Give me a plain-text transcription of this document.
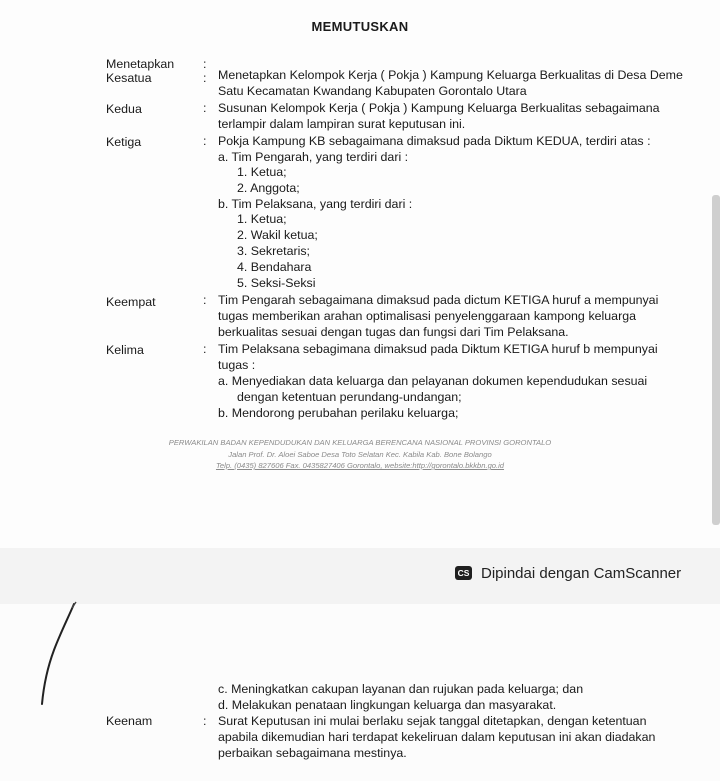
MEMUTUSKAN
Menetapkan :
Kesatua	: Menetapkan Kelompok Kerja ( Pokja ) Kampung Keluarga Berkualitas di Desa Deme
Satu Kecamatan Kwandang Kabupaten Gorontalo Utara
Kedua	: Susunan Kelompok Kerja ( Pokja ) Kampung Keluarga Berkualitas sebagaimana
terlampir dalam lampiran surat keputusan ini.
Ketiga	: Pokja Kampung KB sebagaimana dimaksud pada Diktum KEDUA, terdiri atas :
a. Tim Pengarah, yang terdiri dari :
1. Ketua;
2. Anggota;
b. Tim Pelaksana, yang terdiri dari :
1. Ketua;
2. Wakil ketua;
3. Sekretaris;
4. Bendahara
5. Seksi-Seksi
Keempat	: Tim Pengarah sebagaimana dimaksud pada dictum KETIGA huruf a mempunyai
tugas memberikan arahan optimalisasi penyelenggaraan kampong keluarga
berkualitas sesuai dengan tugas dan fungsi dari Tim Pelaksana.
Kelima	: Tim Pelaksana sebagimana dimaksud pada Diktum KETIGA huruf b mempunyai
tugas :
a. Menyediakan data keluarga dan pelayanan dokumen kependudukan sesuai
dengan ketentuan perundang-undangan;
b. Mendorong perubahan perilaku keluarga;
PERWAKILAN BADAN KEPENDUDUKAN DAN KELUARGA BERENCANA NASIONAL PROVINSI GORONTALO
Jalan Prof. Dr. Aloei Saboe Desa Toto Selatan Kec. Kabila Kab. Bone Bolango
Telp. (0435) 827606 Fax. 0435827406 Gorontalo, website:http://gorontalo.bkkbn.go.id
CS Dipindai dengan CamScanner
c. Meningkatkan cakupan layanan dan rujukan pada keluarga; dan
d. Melakukan penataan lingkungan keluarga dan masyarakat.
Keenam	: Surat Keputusan ini mulai berlaku sejak tanggal ditetapkan, dengan ketentuan
apabila dikemudian hari terdapat kekeliruan dalam keputusan ini akan diadakan
perbaikan sebagaimana mestinya.
